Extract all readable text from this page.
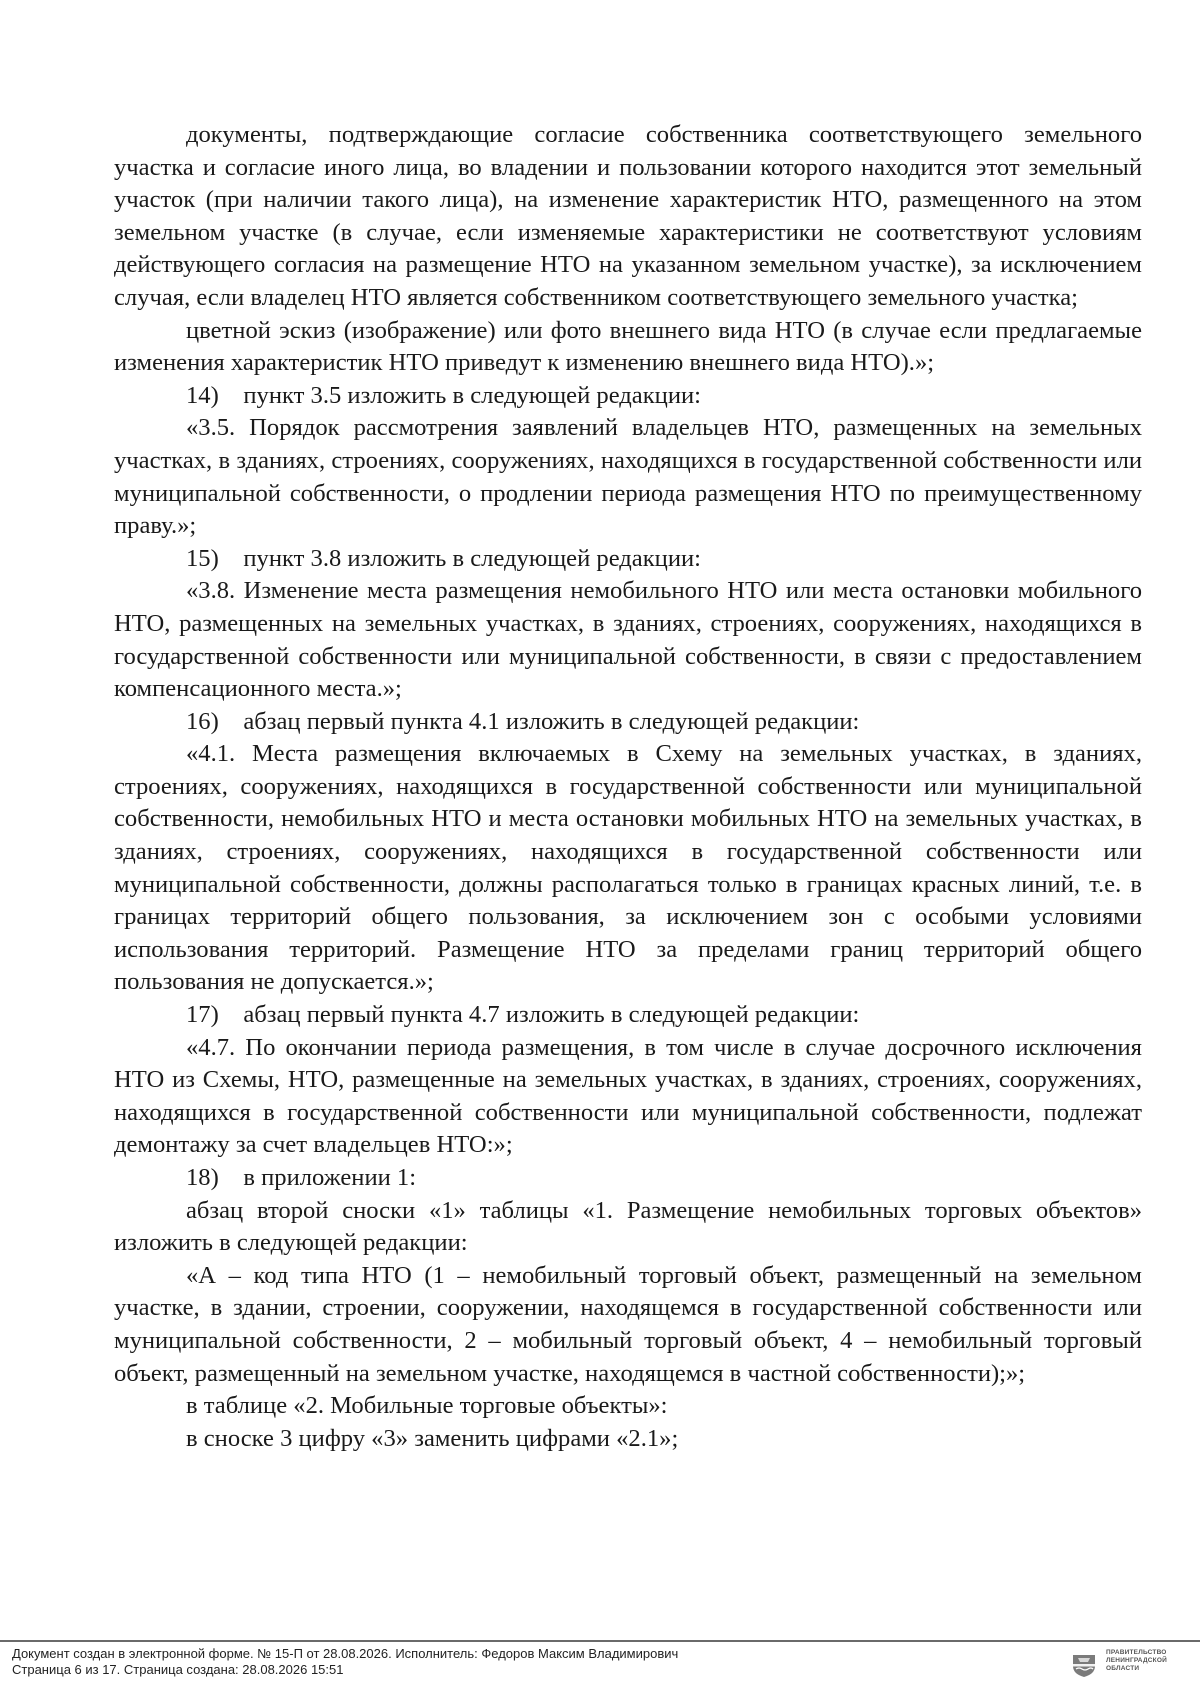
документы, подтверждающие согласие собственника соответствующего земельного участка и согласие иного лица, во владении и пользовании которого находится этот земельный участок (при наличии такого лица), на изменение характеристик НТО, размещенного на этом земельном участке (в случае, если изменяемые характеристики не соответствуют условиям действующего согласия на размещение НТО на указанном земельном участке), за исключением случая, если владелец НТО является собственником соответствующего земельного участка;

цветной эскиз (изображение) или фото внешнего вида НТО (в случае если предлагаемые изменения характеристик НТО приведут к изменению внешнего вида НТО).»;

14) пункт 3.5 изложить в следующей редакции:

«3.5. Порядок рассмотрения заявлений владельцев НТО, размещенных на земельных участках, в зданиях, строениях, сооружениях, находящихся в государственной собственности или муниципальной собственности, о продлении периода размещения НТО по преимущественному праву.»;

15) пункт 3.8 изложить в следующей редакции:

«3.8. Изменение места размещения немобильного НТО или места остановки мобильного НТО, размещенных на земельных участках, в зданиях, строениях, сооружениях, находящихся в государственной собственности или муниципальной собственности, в связи с предоставлением компенсационного места.»;

16) абзац первый пункта 4.1 изложить в следующей редакции:

«4.1. Места размещения включаемых в Схему на земельных участках, в зданиях, строениях, сооружениях, находящихся в государственной собственности или муниципальной собственности, немобильных НТО и места остановки мобильных НТО на земельных участках, в зданиях, строениях, сооружениях, находящихся в государственной собственности или муниципальной собственности, должны располагаться только в границах красных линий, т.е. в границах территорий общего пользования, за исключением зон с особыми условиями использования территорий. Размещение НТО за пределами границ территорий общего пользования не допускается.»;

17) абзац первый пункта 4.7 изложить в следующей редакции:

«4.7. По окончании периода размещения, в том числе в случае досрочного исключения НТО из Схемы, НТО, размещенные на земельных участках, в зданиях, строениях, сооружениях, находящихся в государственной собственности или муниципальной собственности, подлежат демонтажу за счет владельцев НТО:»;

18) в приложении 1:

абзац второй сноски «1» таблицы «1. Размещение немобильных торговых объектов» изложить в следующей редакции:

«А – код типа НТО (1 – немобильный торговый объект, размещенный на земельном участке, в здании, строении, сооружении, находящемся в государственной собственности или муниципальной собственности, 2 – мобильный торговый объект, 4 – немобильный торговый объект, размещенный на земельном участке, находящемся в частной собственности);»;

в таблице «2. Мобильные торговые объекты»:

в сноске 3 цифру «3» заменить цифрами «2.1»;

Документ создан в электронной форме. № 15-П от 28.08.2026. Исполнитель: Федоров Максим Владимирович
Страница 6 из 17. Страница создана: 28.08.2026 15:51
ПРАВИТЕЛЬСТВО
ЛЕНИНГРАДСКОЙ
ОБЛАСТИ
